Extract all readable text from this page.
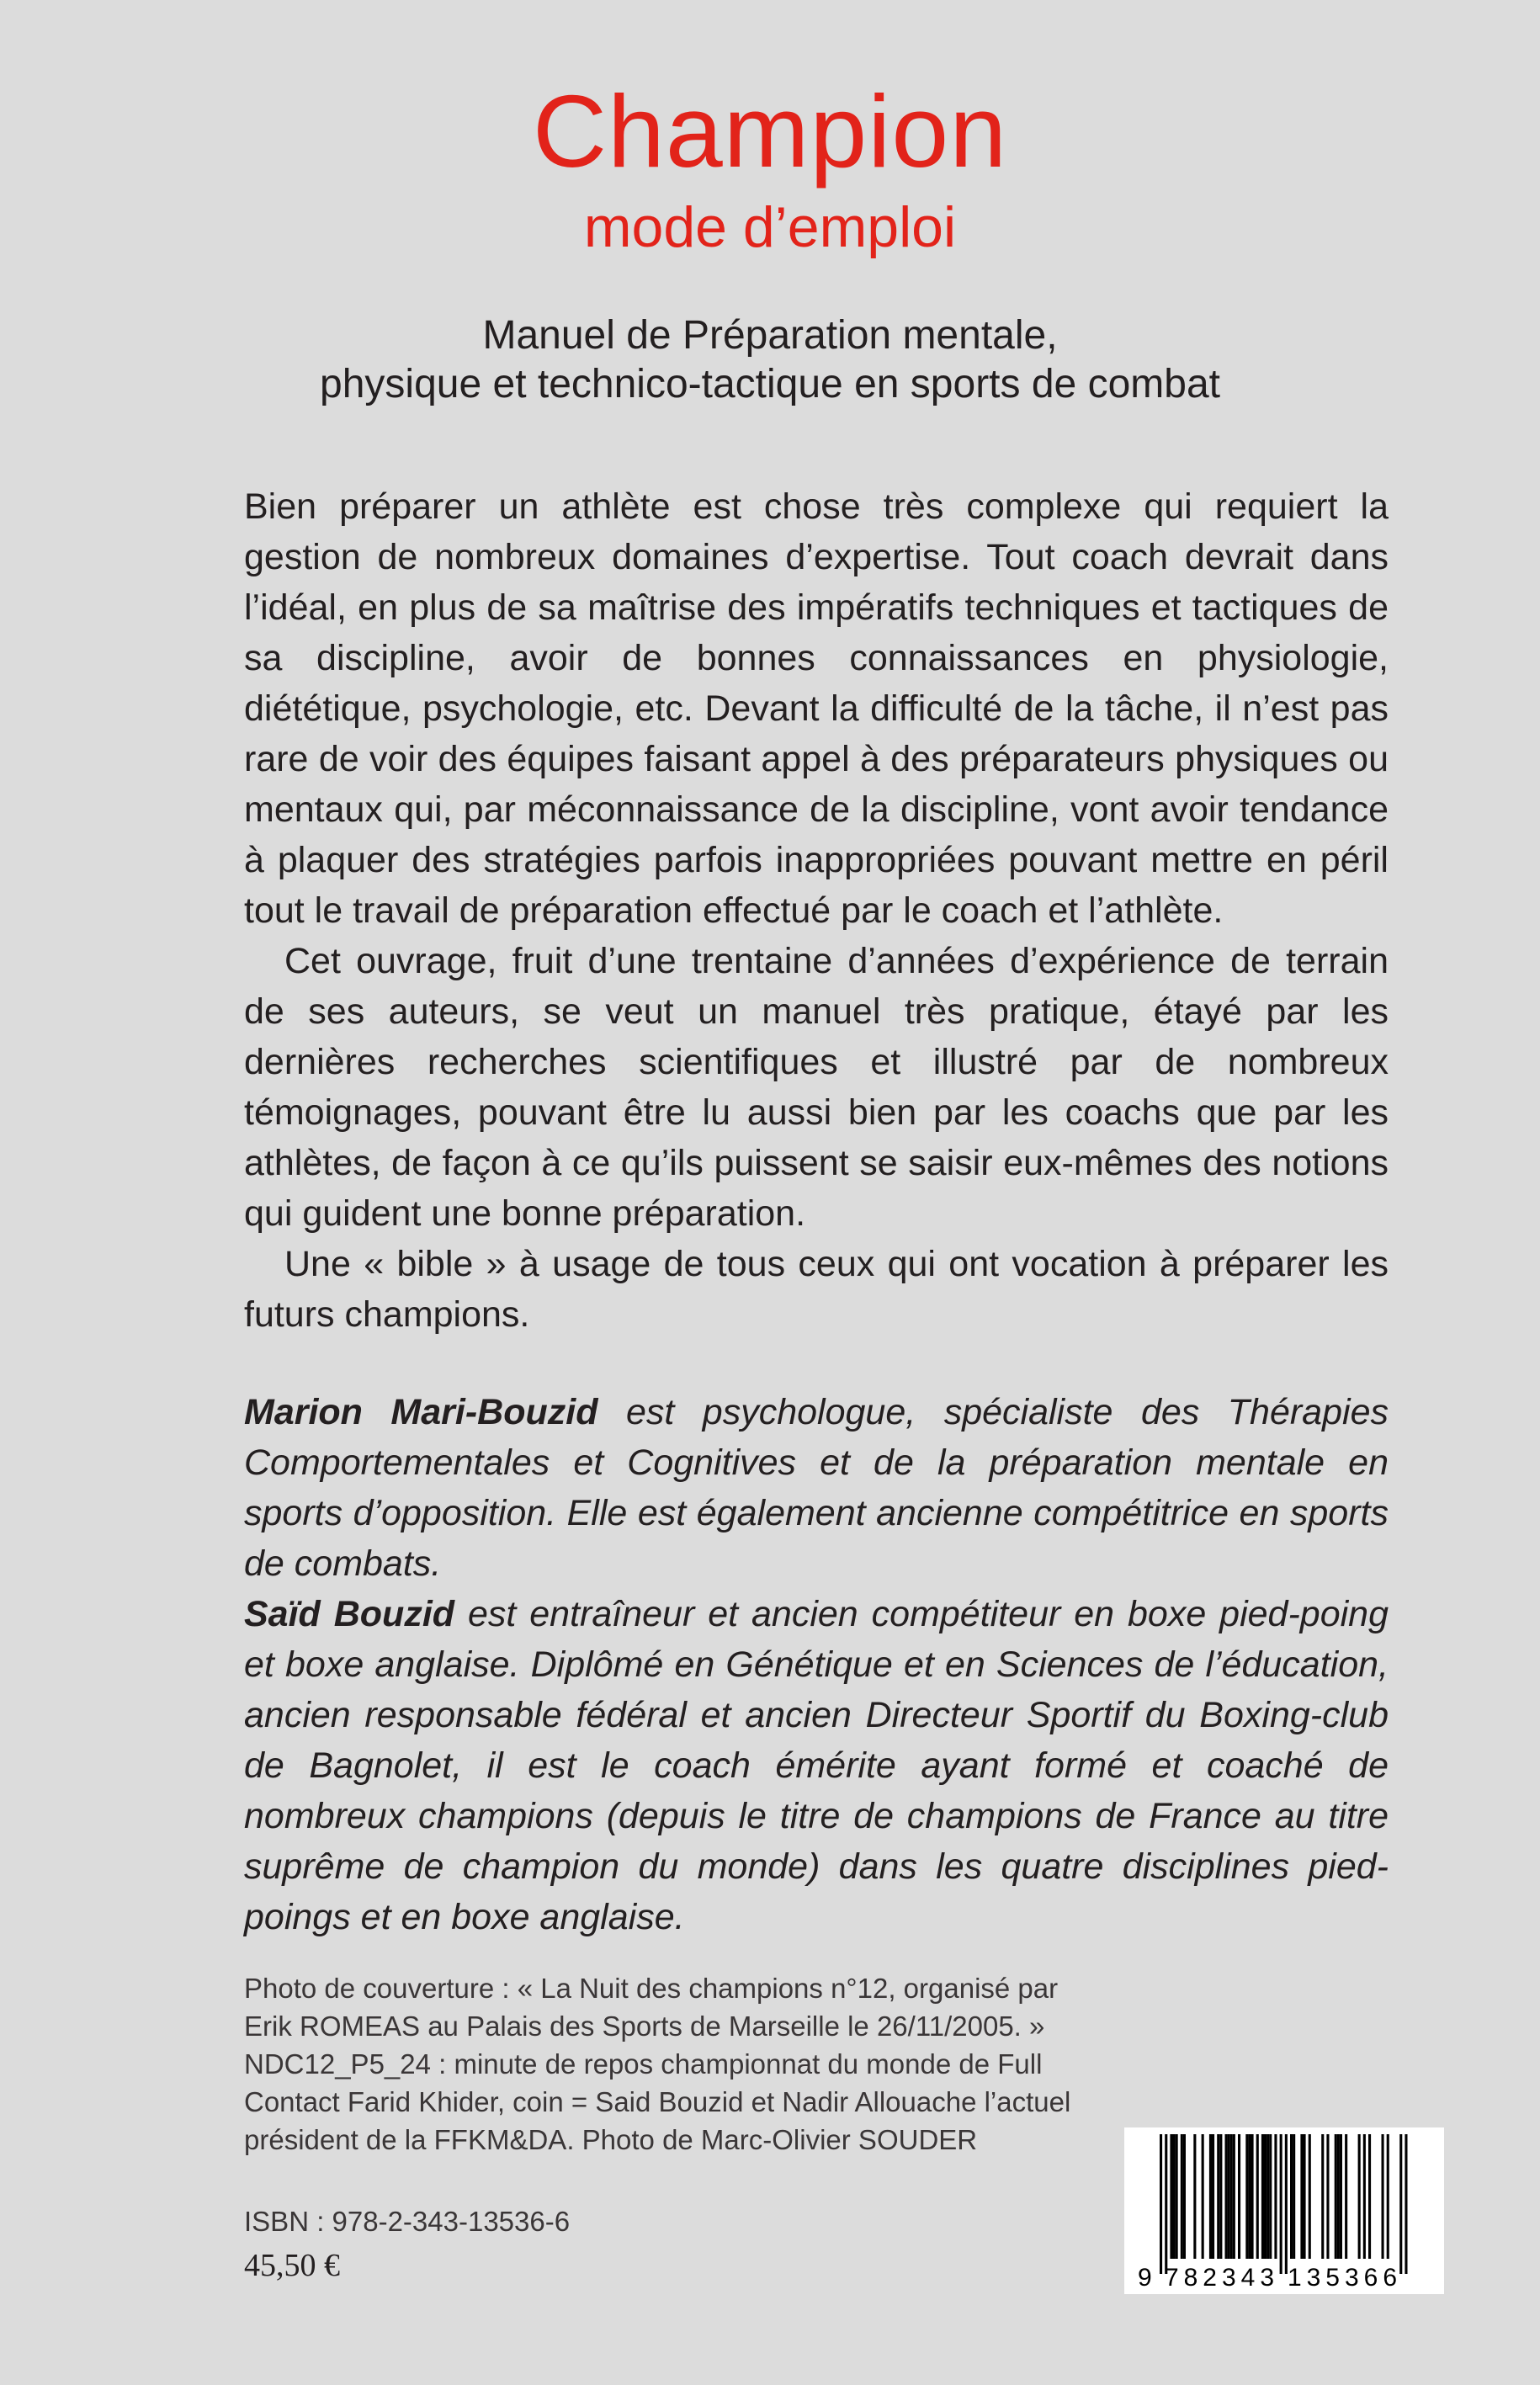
Champion
mode d’emploi
Manuel de Préparation mentale,
physique et technico-tactique en sports de combat

Bien préparer un athlète est chose très complexe qui requiert la gestion de nombreux domaines d’expertise. Tout coach devrait dans l’idéal, en plus de sa maîtrise des impératifs techniques et tactiques de sa discipline, avoir de bonnes connaissances en physiologie, diététique, psychologie, etc. Devant la difficulté de la tâche, il n’est pas rare de voir des équipes faisant appel à des préparateurs physiques ou mentaux qui, par méconnaissance de la discipline, vont avoir tendance à plaquer des stratégies parfois inappropriées pouvant mettre en péril tout le travail de préparation effectué par le coach et l’athlète.

Cet ouvrage, fruit d’une trentaine d’années d’expérience de terrain de ses auteurs, se veut un manuel très pratique, étayé par les dernières recherches scientifiques et illustré par de nombreux témoignages, pouvant être lu aussi bien par les coachs que par les athlètes, de façon à ce qu’ils puissent se saisir eux-mêmes des notions qui guident une bonne préparation.

Une « bible » à usage de tous ceux qui ont vocation à préparer les futurs champions.

Marion Mari-Bouzid est psychologue, spécialiste des Thérapies Comportementales et Cognitives et de la préparation mentale en sports d’opposition. Elle est également ancienne compétitrice en sports de combats.

Saïd Bouzid est entraîneur et ancien compétiteur en boxe pied-poing et boxe anglaise. Diplômé en Génétique et en Sciences de l’éducation, ancien responsable fédéral et ancien Directeur Sportif du Boxing-club de Bagnolet, il est le coach émérite ayant formé et coaché de nombreux champions (depuis le titre de champions de France au titre suprême de champion du monde) dans les quatre disciplines pied-poings et en boxe anglaise.

Photo de couverture : « La Nuit des champions n°12, organisé par
Erik ROMEAS au Palais des Sports de Marseille le 26/11/2005. »
NDC12_P5_24 : minute de repos championnat du monde de Full
Contact Farid Khider, coin = Said Bouzid et Nadir Allouache l’actuel
président de la FFKM&DA. Photo de Marc-Olivier SOUDER
ISBN : 978-2-343-13536-6
45,50 €	9 782343 135366
